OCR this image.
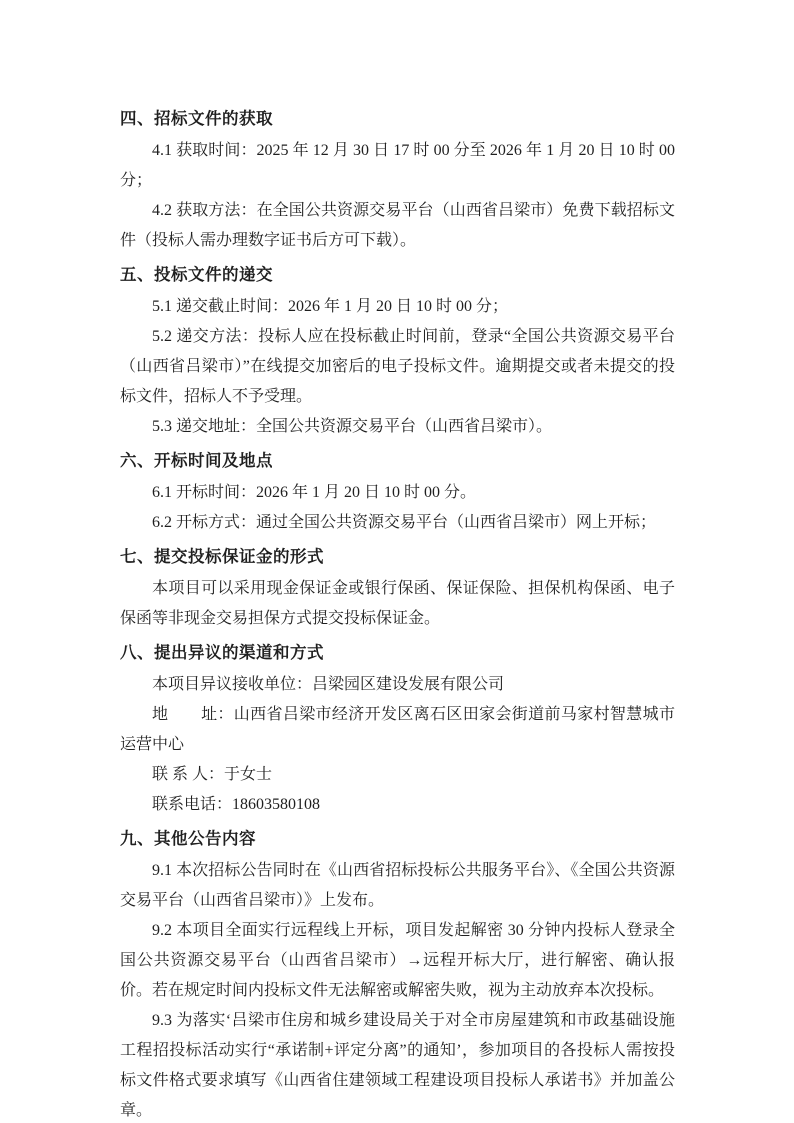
四、招标文件的获取

4.1 获取时间：2025 年 12 月 30 日 17 时 00 分至 2026 年 1 月 20 日 10 时 00 分；

4.2 获取方法：在全国公共资源交易平台（山西省吕梁市）免费下载招标文件（投标人需办理数字证书后方可下载）。

五、投标文件的递交

5.1 递交截止时间：2026 年 1 月 20 日 10 时 00 分；

5.2 递交方法：投标人应在投标截止时间前，登录“全国公共资源交易平台（山西省吕梁市）”在线提交加密后的电子投标文件。逾期提交或者未提交的投标文件，招标人不予受理。

5.3 递交地址：全国公共资源交易平台（山西省吕梁市）。

六、开标时间及地点

6.1 开标时间：2026 年 1 月 20 日 10 时 00 分。

6.2 开标方式：通过全国公共资源交易平台（山西省吕梁市）网上开标；

七、提交投标保证金的形式

本项目可以采用现金保证金或银行保函、保证保险、担保机构保函、电子保函等非现金交易担保方式提交投标保证金。

八、提出异议的渠道和方式

本项目异议接收单位：吕梁园区建设发展有限公司

地　　址：山西省吕梁市经济开发区离石区田家会街道前马家村智慧城市运营中心

联 系 人：于女士

联系电话：18603580108

九、其他公告内容

9.1 本次招标公告同时在《山西省招标投标公共服务平台》、《全国公共资源交易平台（山西省吕梁市）》上发布。

9.2 本项目全面实行远程线上开标，项目发起解密 30 分钟内投标人登录全国公共资源交易平台（山西省吕梁市）→远程开标大厅，进行解密、确认报价。若在规定时间内投标文件无法解密或解密失败，视为主动放弃本次投标。

9.3 为落实‘吕梁市住房和城乡建设局关于对全市房屋建筑和市政基础设施工程招投标活动实行“承诺制+评定分离”的通知’，参加项目的各投标人需按投标文件格式要求填写《山西省住建领域工程建设项目投标人承诺书》并加盖公章。
